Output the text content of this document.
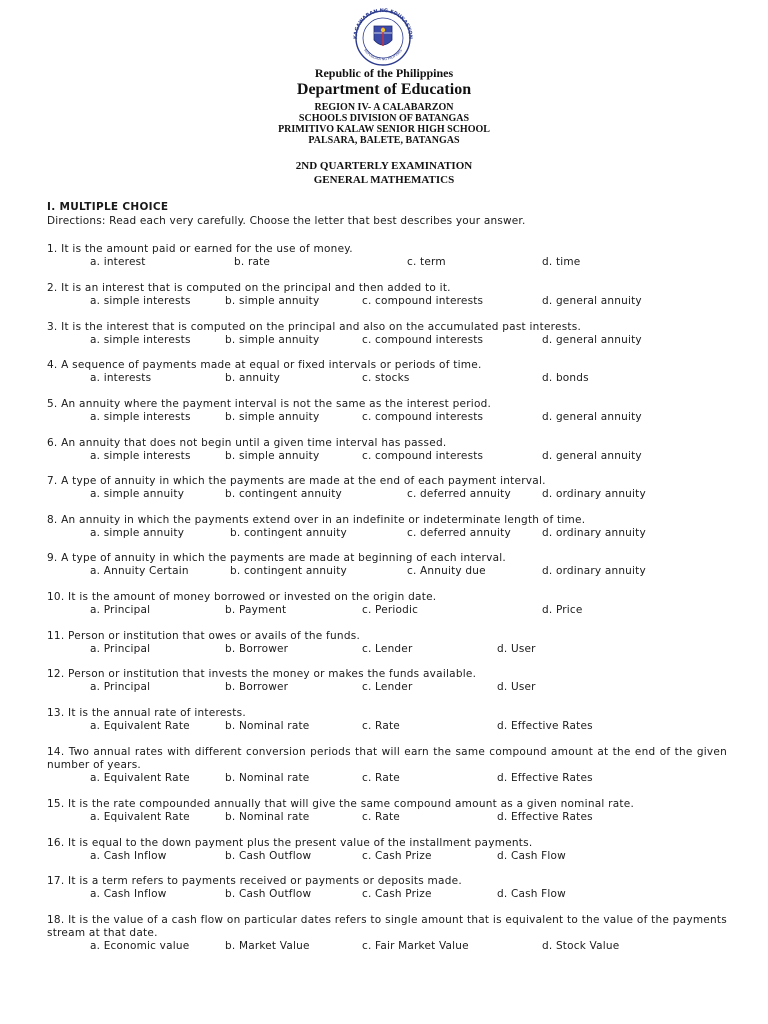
KAGAWARAN NG EDUKASYON
REPUBLIKA NG PILIPINAS
Republic of the Philippines
Department of Education
REGION IV- A CALABARZON
SCHOOLS DIVISION OF BATANGAS
PRIMITIVO KALAW SENIOR HIGH SCHOOL
PALSARA, BALETE, BATANGAS
2ND QUARTERLY EXAMINATION
GENERAL MATHEMATICS
I. MULTIPLE CHOICE
Directions: Read each very carefully. Choose the letter that best describes your answer.
1. It is the amount paid or earned for the use of money.
a. interest	b. rate	c. term	d. time
2. It is an interest that is computed on the principal and then added to it.
a. simple interests	b. simple annuity	c. compound interests	d. general annuity
3. It is the interest that is computed on the principal and also on the accumulated past interests.
a. simple interests	b. simple annuity	c. compound interests	d. general annuity
4. A sequence of payments made at equal or fixed intervals or periods of time.
a. interests	b. annuity	c. stocks	d. bonds
5. An annuity where the payment interval is not the same as the interest period.
a. simple interests	b. simple annuity	c. compound interests	d. general annuity
6. An annuity that does not begin until a given time interval has passed.
a. simple interests	b. simple annuity	c. compound interests	d. general annuity
7. A type of annuity in which the payments are made at the end of each payment interval.
a. simple annuity	b. contingent annuity	c. deferred annuity	d. ordinary annuity
8. An annuity in which the payments extend over in an indefinite or indeterminate length of time.
a. simple annuity	b. contingent annuity	c. deferred annuity	d. ordinary annuity
9. A type of annuity in which the payments are made at beginning of each interval.
a. Annuity Certain	b. contingent annuity	c. Annuity due	d. ordinary annuity
10. It is the amount of money borrowed or invested on the origin date.
a. Principal	b. Payment	c. Periodic	d. Price
11. Person or institution that owes or avails of the funds.
a. Principal	b. Borrower	c. Lender	d. User
12. Person or institution that invests the money or makes the funds available.
a. Principal	b. Borrower	c. Lender	d. User
13. It is the annual rate of interests.
a. Equivalent Rate	b. Nominal rate	c. Rate	d. Effective Rates
14. Two annual rates with different conversion periods that will earn the same compound amount at the end of the given number of years.
a. Equivalent Rate	b. Nominal rate	c. Rate	d. Effective Rates
15. It is the rate compounded annually that will give the same compound amount as a given nominal rate.
a. Equivalent Rate	b. Nominal rate	c. Rate	d. Effective Rates
16. It is equal to the down payment plus the present value of the installment payments.
a. Cash Inflow	b. Cash Outflow	c. Cash Prize	d. Cash Flow
17. It is a term refers to payments received or payments or deposits made.
a. Cash Inflow	b. Cash Outflow	c. Cash Prize	d. Cash Flow
18. It is the value of a cash flow on particular dates refers to single amount that is equivalent to the value of the payments stream at that date.
a. Economic value	b. Market Value	c. Fair Market Value	d. Stock Value
